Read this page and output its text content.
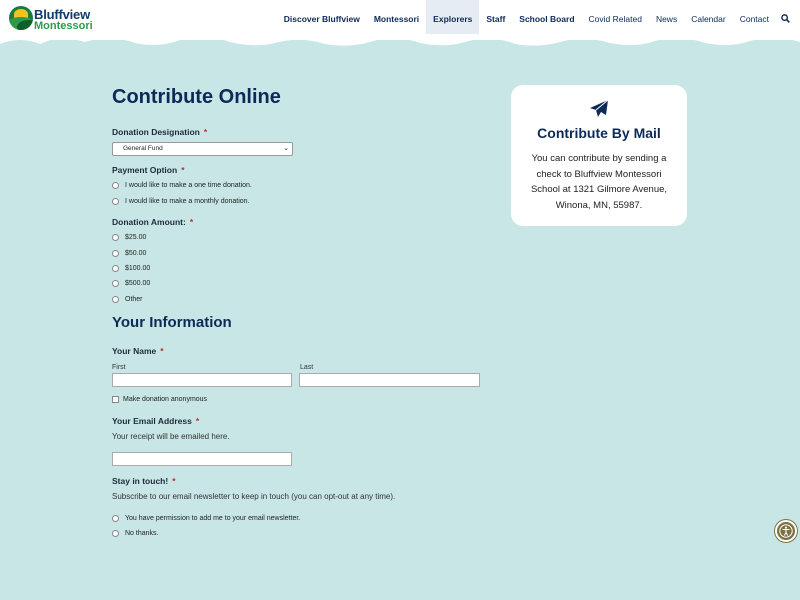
Bluffview
Montessori
Discover Bluffview	Montessori	Explorers	Staff	School Board	Covid Related	News	Calendar	Contact
Contribute Online
Donation Designation *
General Fund	⌄
Payment Option *
I would like to make a one time donation.
I would like to make a monthly donation.
Donation Amount: *
$25.00
$50.00
$100.00
$500.00
Other
Your Information
Your Name *
First	Last
Make donation anonymous
Your Email Address *
Your receipt will be emailed here.
Stay in touch! *
Subscribe to our email newsletter to keep in touch (you can opt-out at any time).
You have permission to add me to your email newsletter.
No thanks.
Contribute By Mail
You can contribute by sending a check to Bluffview Montessori School at 1321 Gilmore Avenue, Winona, MN, 55987.
